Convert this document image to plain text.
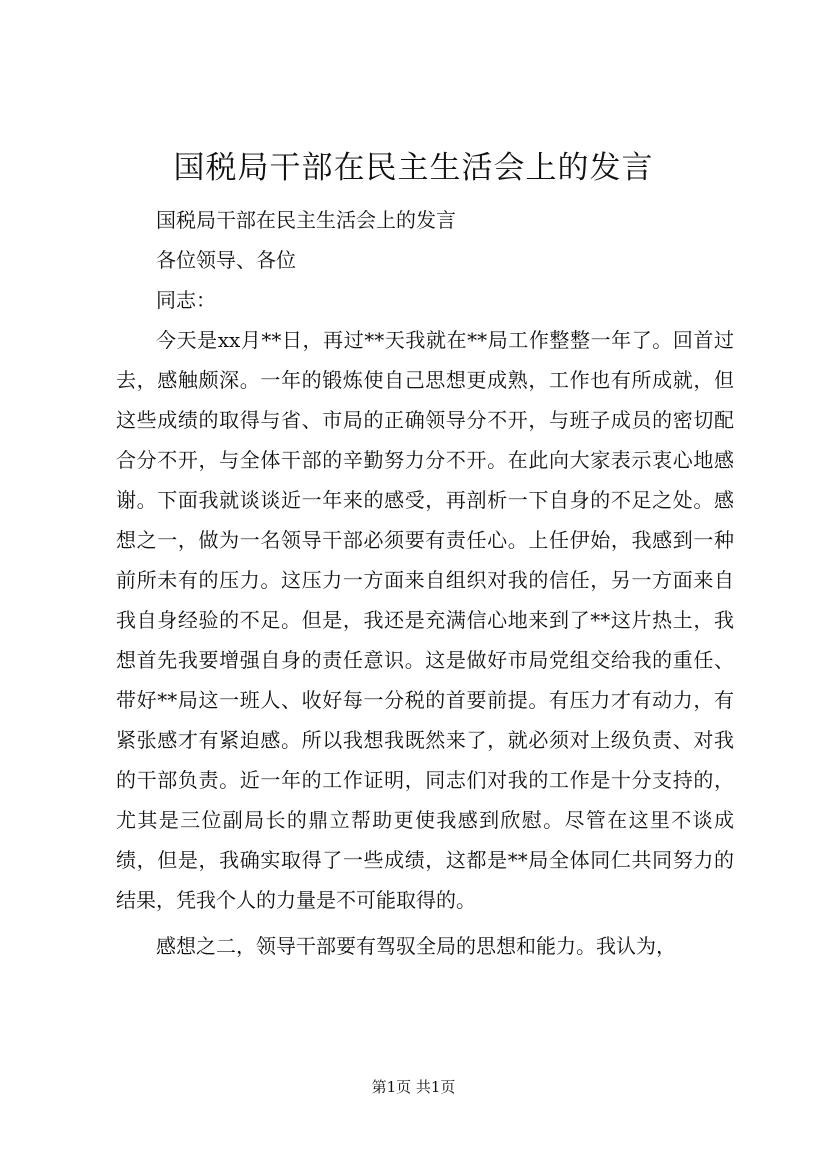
国税局干部在民主生活会上的发言

国税局干部在民主生活会上的发言

各位领导、各位

同志：

今天是xx月**日，再过**天我就在**局工作整整一年了。回首过去，感触颇深。一年的锻炼使自己思想更成熟，工作也有所成就，但这些成绩的取得与省、市局的正确领导分不开，与班子成员的密切配合分不开，与全体干部的辛勤努力分不开。在此向大家表示衷心地感谢。下面我就谈谈近一年来的感受，再剖析一下自身的不足之处。感想之一，做为一名领导干部必须要有责任心。上任伊始，我感到一种前所未有的压力。这压力一方面来自组织对我的信任，另一方面来自我自身经验的不足。但是，我还是充满信心地来到了**这片热土，我想首先我要增强自身的责任意识。这是做好市局党组交给我的重任、带好**局这一班人、收好每一分税的首要前提。有压力才有动力，有紧张感才有紧迫感。所以我想我既然来了，就必须对上级负责、对我的干部负责。近一年的工作证明，同志们对我的工作是十分支持的，尤其是三位副局长的鼎立帮助更使我感到欣慰。尽管在这里不谈成绩，但是，我确实取得了一些成绩，这都是**局全体同仁共同努力的结果，凭我个人的力量是不可能取得的。

感想之二，领导干部要有驾驭全局的思想和能力。我认为，

第1页 共1页
